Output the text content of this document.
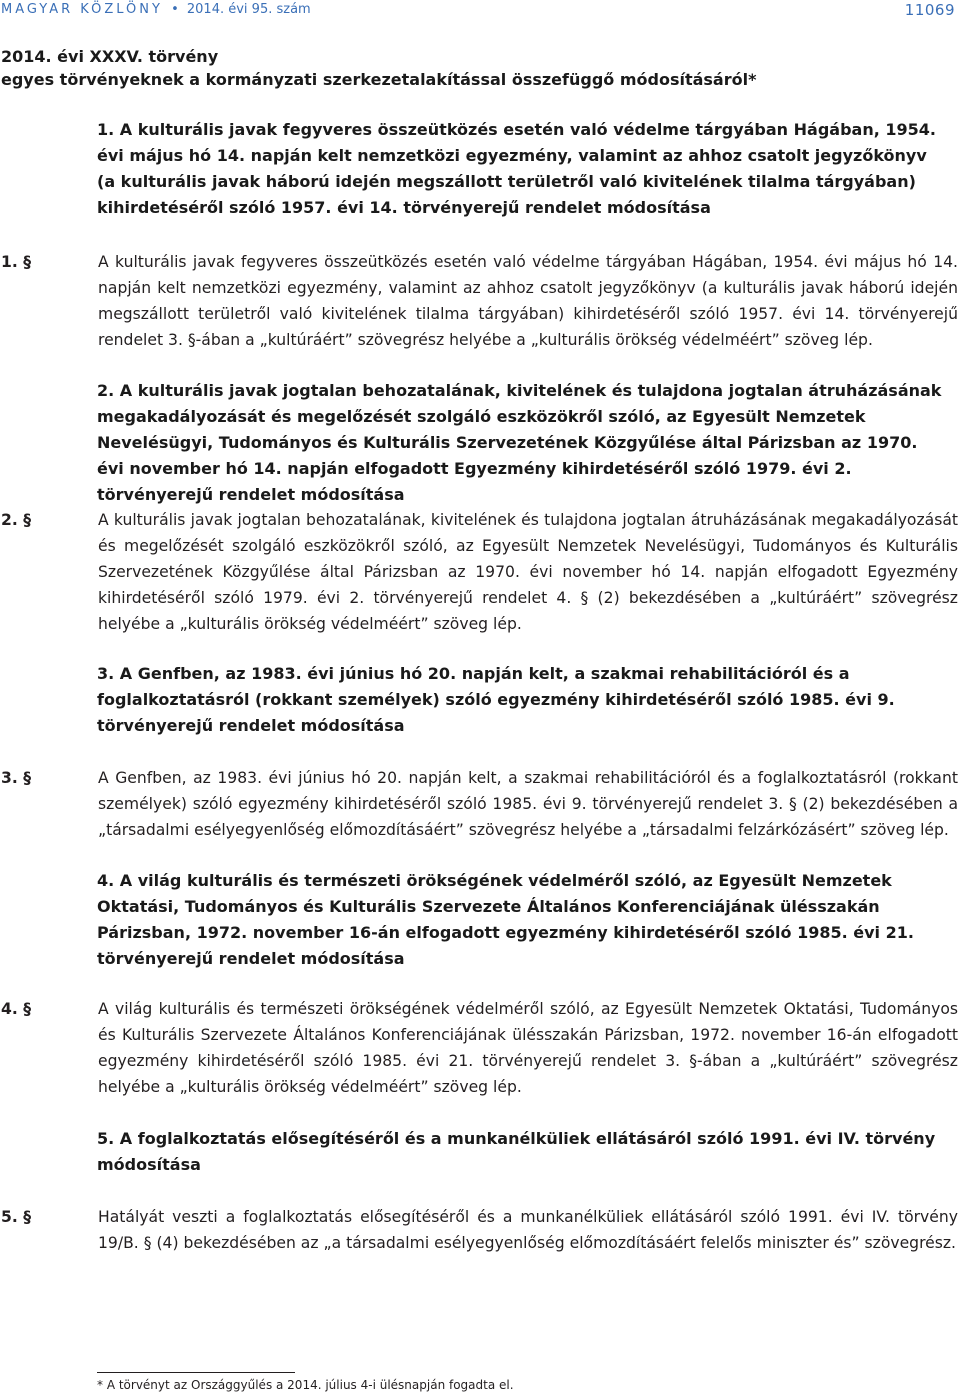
MAGYAR KÖZLÖNY • 2014. évi 95. szám	11069
2014. évi XXXV. törvény
egyes törvényeknek a kormányzati szerkezetalakítással összefüggő módosításáról*
1. A kulturális javak fegyveres összeütközés esetén való védelme tárgyában Hágában, 1954. évi május hó 14. napján kelt nemzetközi egyezmény, valamint az ahhoz csatolt jegyzőkönyv (a kulturális javak háború idején megszállott területről való kivitelének tilalma tárgyában) kihirdetéséről szóló 1957. évi 14. törvényerejű rendelet módosítása
1. §	A kulturális javak fegyveres összeütközés esetén való védelme tárgyában Hágában, 1954. évi május hó 14. napján kelt nemzetközi egyezmény, valamint az ahhoz csatolt jegyzőkönyv (a kulturális javak háború idején megszállott területről való kivitelének tilalma tárgyában) kihirdetéséről szóló 1957. évi 14. törvényerejű rendelet 3. §-ában a „kultúráért” szövegrész helyébe a „kulturális örökség védelméért” szöveg lép.
2. A kulturális javak jogtalan behozatalának, kivitelének és tulajdona jogtalan átruházásának megakadályozását és megelőzését szolgáló eszközökről szóló, az Egyesült Nemzetek Nevelésügyi, Tudományos és Kulturális Szervezetének Közgyűlése által Párizsban az 1970. évi november hó 14. napján elfogadott Egyezmény kihirdetéséről szóló 1979. évi 2. törvényerejű rendelet módosítása
2. §	A kulturális javak jogtalan behozatalának, kivitelének és tulajdona jogtalan átruházásának megakadályozását és megelőzését szolgáló eszközökről szóló, az Egyesült Nemzetek Nevelésügyi, Tudományos és Kulturális Szervezetének Közgyűlése által Párizsban az 1970. évi november hó 14. napján elfogadott Egyezmény kihirdetéséről szóló 1979. évi 2. törvényerejű rendelet 4. § (2) bekezdésében a „kultúráért” szövegrész helyébe a „kulturális örökség védelméért” szöveg lép.
3. A Genfben, az 1983. évi június hó 20. napján kelt, a szakmai rehabilitációról és a foglalkoztatásról (rokkant személyek) szóló egyezmény kihirdetéséről szóló 1985. évi 9. törvényerejű rendelet módosítása
3. §	A Genfben, az 1983. évi június hó 20. napján kelt, a szakmai rehabilitációról és a foglalkoztatásról (rokkant személyek) szóló egyezmény kihirdetéséről szóló 1985. évi 9. törvényerejű rendelet 3. § (2) bekezdésében a „társadalmi esélyegyenlőség előmozdításáért” szövegrész helyébe a „társadalmi felzárkózásért” szöveg lép.
4. A világ kulturális és természeti örökségének védelméről szóló, az Egyesült Nemzetek Oktatási, Tudományos és Kulturális Szervezete Általános Konferenciájának ülésszakán Párizsban, 1972. november 16-án elfogadott egyezmény kihirdetéséről szóló 1985. évi 21. törvényerejű rendelet módosítása
4. §	A világ kulturális és természeti örökségének védelméről szóló, az Egyesült Nemzetek Oktatási, Tudományos és Kulturális Szervezete Általános Konferenciájának ülésszakán Párizsban, 1972. november 16-án elfogadott egyezmény kihirdetéséről szóló 1985. évi 21. törvényerejű rendelet 3. §-ában a „kultúráért” szövegrész helyébe a „kulturális örökség védelméért” szöveg lép.
5. A foglalkoztatás elősegítéséről és a munkanélküliek ellátásáról szóló 1991. évi IV. törvény módosítása
5. §	Hatályát veszti a foglalkoztatás elősegítéséről és a munkanélküliek ellátásáról szóló 1991. évi IV. törvény 19/B. § (4) bekezdésében az „a társadalmi esélyegyenlőség előmozdításáért felelős miniszter és” szövegrész.
* A törvényt az Országgyűlés a 2014. július 4-i ülésnapján fogadta el.
